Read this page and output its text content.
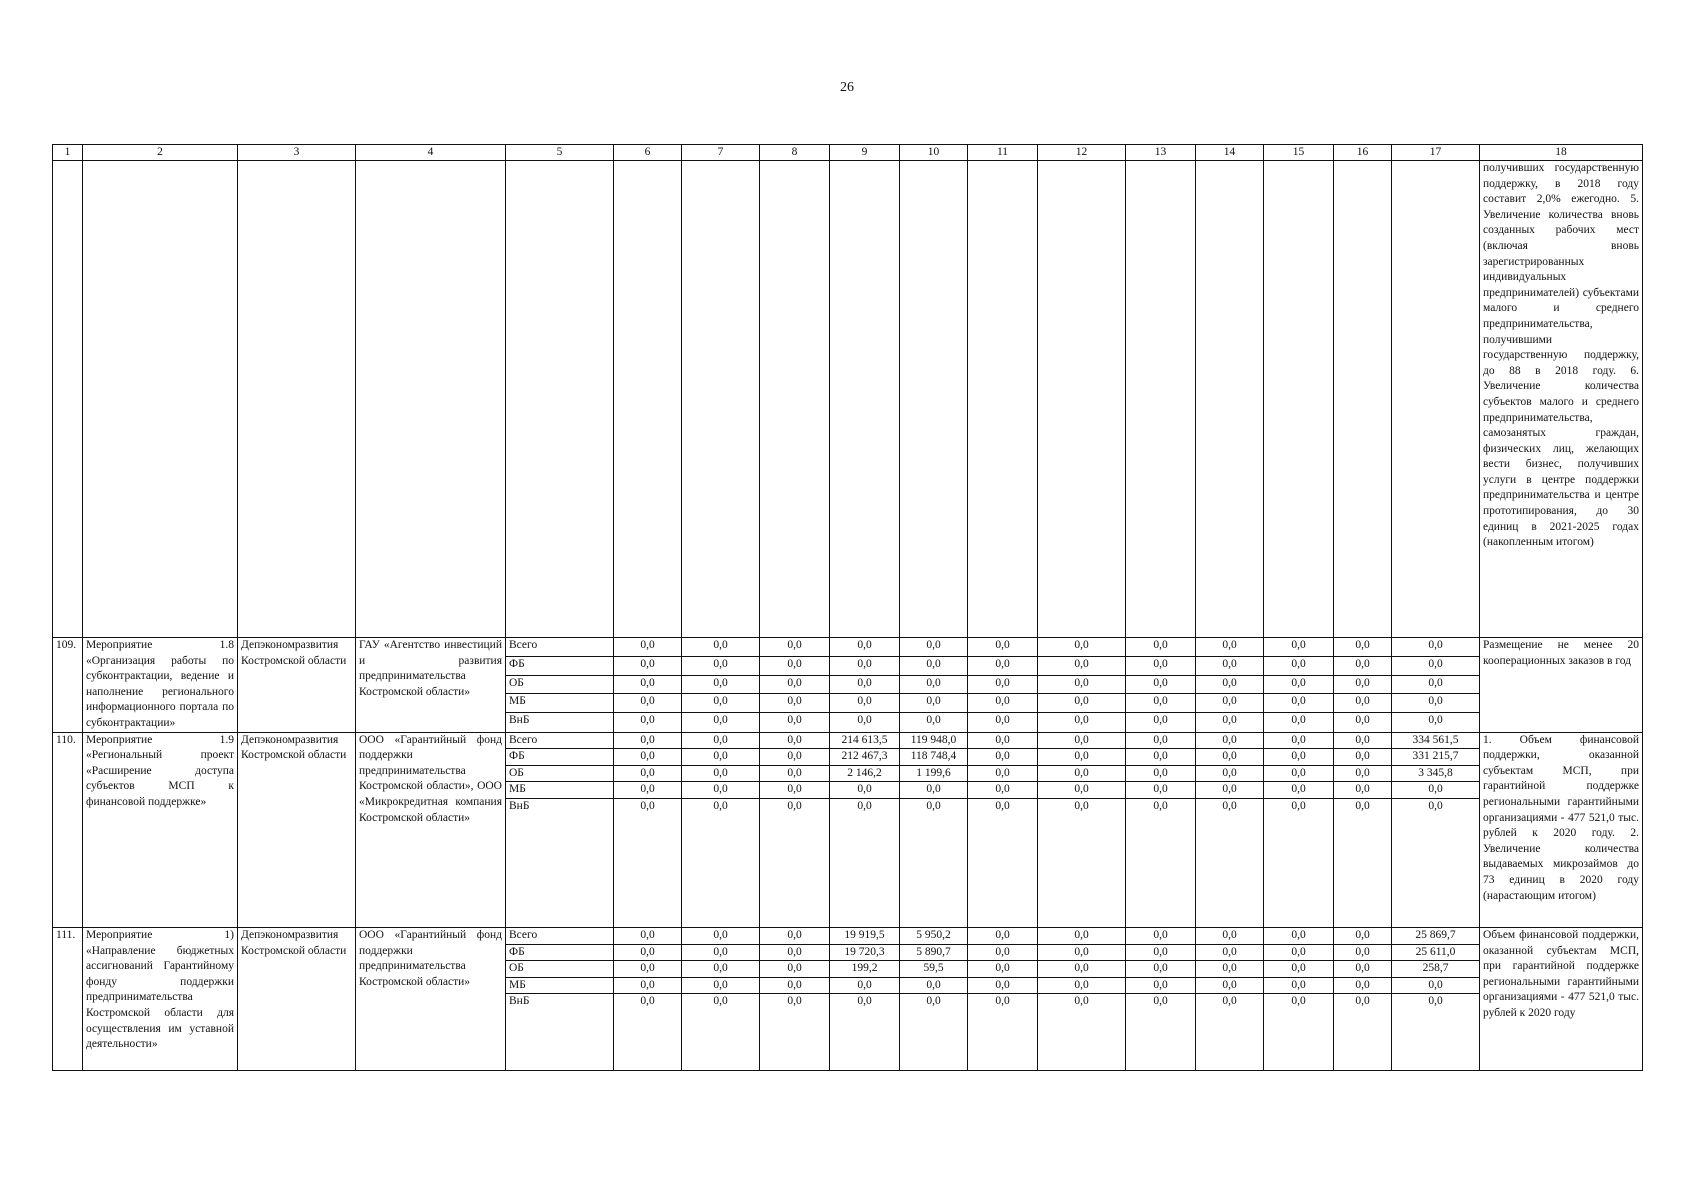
26
1	2	3	4	5	6	7	8	9	10	11	12	13	14	15	16	17	18
																	получивших государственную поддержку, в 2018 году составит 2,0% ежегодно. 5. Увеличение количества вновь созданных рабочих мест (включая вновь зарегистрированных индивидуальных предпринимателей) субъектами малого и среднего предпринимательства, получившими государственную поддержку, до 88 в 2018 году. 6. Увеличение количества субъектов малого и среднего предпринимательства, самозанятых граждан, физических лиц, желающих вести бизнес, получивших услуги в центре поддержки предпринимательства и центре прототипирования, до 30 единиц в 2021-2025 годах (накопленным итогом)
109.	Мероприятие 1.8 «Организация работы по субконтрактации, ведение и наполнение регионального информационного портала по субконтрактации»	Депэкономразвития Костромской области	ГАУ «Агентство инвестиций и развития предпринимательства Костромской области»	Всего	0,0	0,0	0,0	0,0	0,0	0,0	0,0	0,0	0,0	0,0	0,0	0,0	Размещение не менее 20 кооперационных заказов в год
				ФБ	0,0	0,0	0,0	0,0	0,0	0,0	0,0	0,0	0,0	0,0	0,0	0,0	
				ОБ	0,0	0,0	0,0	0,0	0,0	0,0	0,0	0,0	0,0	0,0	0,0	0,0	
				МБ	0,0	0,0	0,0	0,0	0,0	0,0	0,0	0,0	0,0	0,0	0,0	0,0	
				ВнБ	0,0	0,0	0,0	0,0	0,0	0,0	0,0	0,0	0,0	0,0	0,0	0,0	
110.	Мероприятие 1.9 «Региональный проект «Расширение доступа субъектов МСП к финансовой поддержке»	Депэкономразвития Костромской области	ООО «Гарантийный фонд поддержки предпринимательства Костромской области», ООО «Микрокредитная компания Костромской области»	Всего	0,0	0,0	0,0	214 613,5	119 948,0	0,0	0,0	0,0	0,0	0,0	0,0	334 561,5	1. Объем финансовой поддержки, оказанной субъектам МСП, при гарантийной поддержке региональными гарантийными организациями - 477 521,0 тыс. рублей к 2020 году. 2. Увеличение количества выдаваемых микрозаймов до 73 единиц в 2020 году (нарастающим итогом)
				ФБ	0,0	0,0	0,0	212 467,3	118 748,4	0,0	0,0	0,0	0,0	0,0	0,0	331 215,7	
				ОБ	0,0	0,0	0,0	2 146,2	1 199,6	0,0	0,0	0,0	0,0	0,0	0,0	3 345,8	
				МБ	0,0	0,0	0,0	0,0	0,0	0,0	0,0	0,0	0,0	0,0	0,0	0,0	
				ВнБ	0,0	0,0	0,0	0,0	0,0	0,0	0,0	0,0	0,0	0,0	0,0	0,0	
111.	Мероприятие 1) «Направление бюджетных ассигнований Гарантийному фонду поддержки предпринимательства Костромской области для осуществления им уставной деятельности»	Депэкономразвития Костромской области	ООО «Гарантийный фонд поддержки предпринимательства Костромской области»	Всего	0,0	0,0	0,0	19 919,5	5 950,2	0,0	0,0	0,0	0,0	0,0	0,0	25 869,7	Объем финансовой поддержки, оказанной субъектам МСП, при гарантийной поддержке региональными гарантийными организациями - 477 521,0 тыс. рублей к 2020 году
				ФБ	0,0	0,0	0,0	19 720,3	5 890,7	0,0	0,0	0,0	0,0	0,0	0,0	25 611,0	
				ОБ	0,0	0,0	0,0	199,2	59,5	0,0	0,0	0,0	0,0	0,0	0,0	258,7	
				МБ	0,0	0,0	0,0	0,0	0,0	0,0	0,0	0,0	0,0	0,0	0,0	0,0	
				ВнБ	0,0	0,0	0,0	0,0	0,0	0,0	0,0	0,0	0,0	0,0	0,0	0,0	
